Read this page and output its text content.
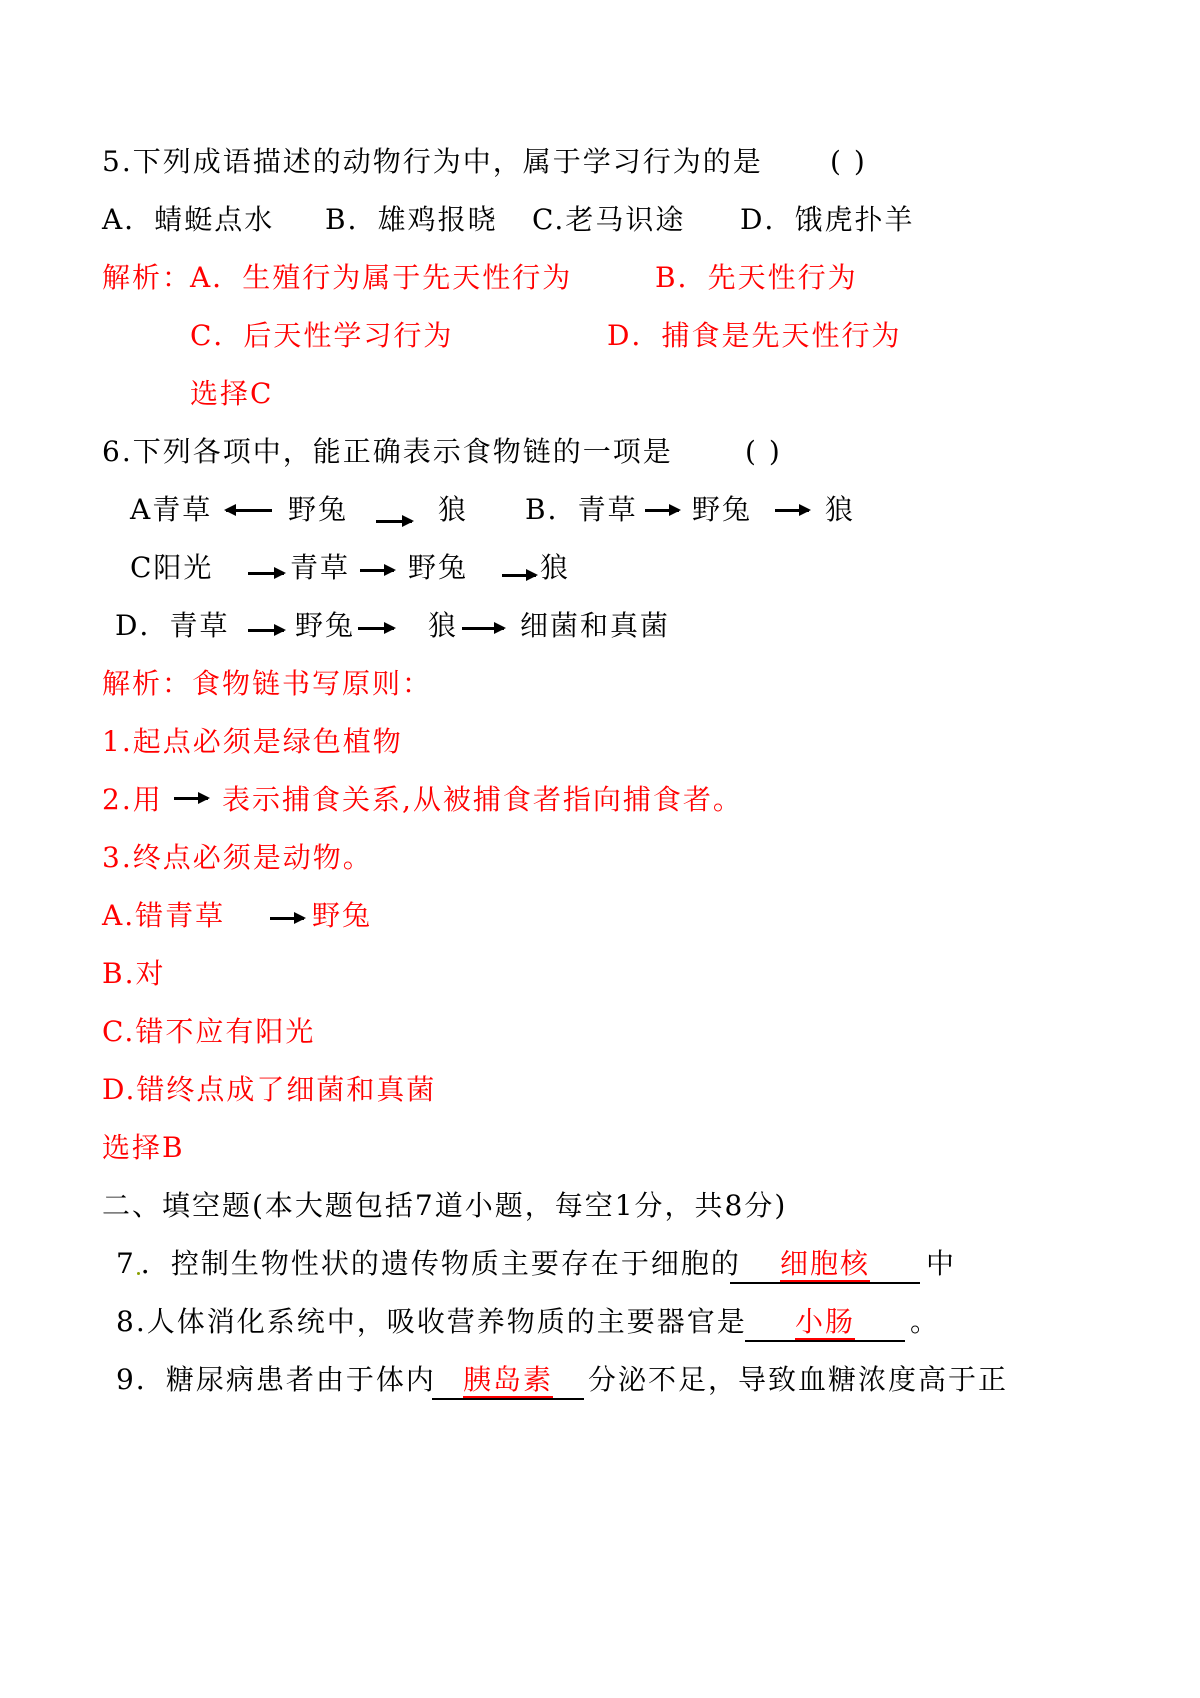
5.下列成语描述的动物行为中，属于学习行为的是 ( )
A．蜻蜓点水 B．雄鸡报晓 C.老马识途 D．饿虎扑羊
解析：
A．生殖行为属于先天性行为	B．先天性行为
C．后天性学习行为	D．捕食是先天性行为
选择C
6.下列各项中，能正确表示食物链的一项是	( )
A青草	野兔	狼 B．青草 野兔	狼
C阳光	青草 野兔	狼
D．青草 野兔	狼 细菌和真菌
解析：食物链书写原则：
1.起点必须是绿色植物
2.用 表示捕食关系,从被捕食者指向捕食者。
3.终点必须是动物。
A.错青草	野兔
B.对
C.错不应有阳光
D.错终点成了细菌和真菌
选择B
二、填空题(本大题包括7道小题，每空1分，共8分)
7 ．控制生物性状的遗传物质主要存在于细胞的	细胞核	中
8.人体消化系统中，吸收营养物质的主要器官是	小肠	。
9．糖尿病患者由于体内 胰岛素	分泌不足，导致血糖浓度高于正
